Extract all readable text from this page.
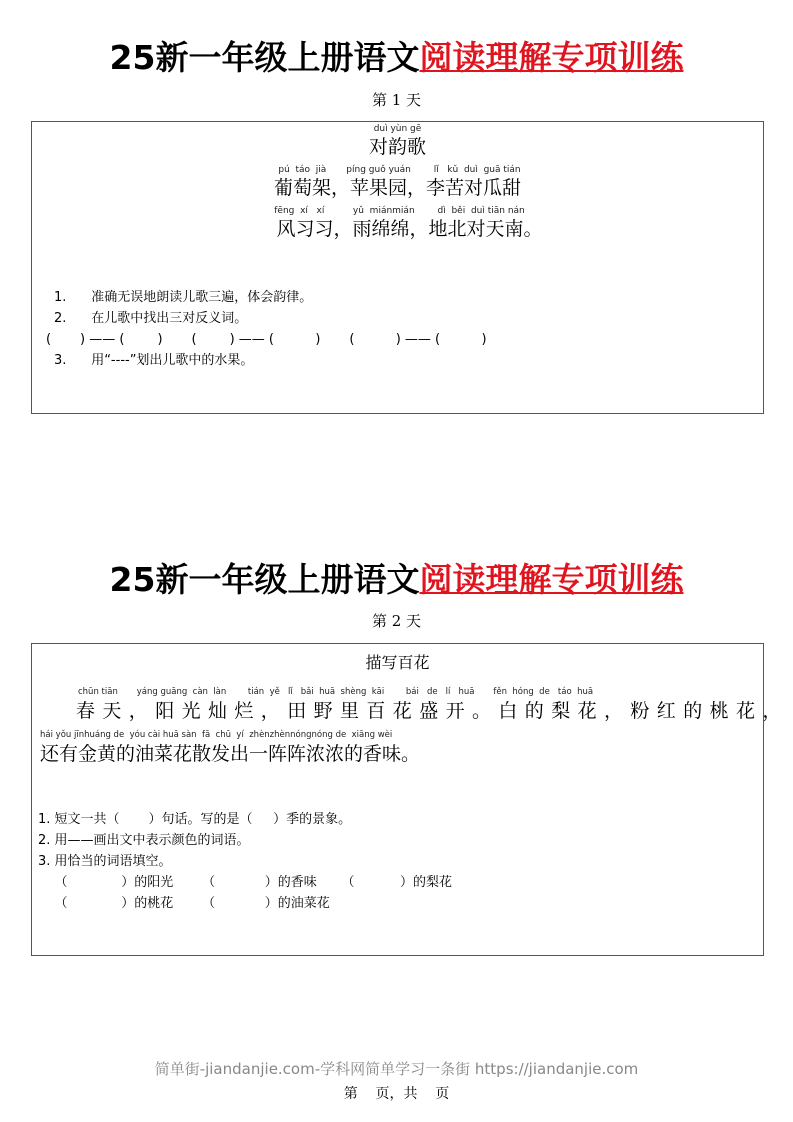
25新一年级上册语文阅读理解专项训练
第 1 天
duì yùn gē
对韵歌
pú  táo  jià       píng guǒ yuán        lǐ   kǔ  duì  guā tián
葡萄架，苹果园，李苦对瓜甜
fēng  xí   xí          yǔ  miánmián        dì  běi  duì tiān nán
风习习，雨绵绵，地北对天南。
1.      准确无误地朗读儿歌三遍，体会韵律。
2.      在儿歌中找出三对反义词。
(       ) —— (        )       (        ) —— (          )       (          ) —— (          )
3.      用“----”划出儿歌中的水果。
25新一年级上册语文阅读理解专项训练
第 2 天
描写百花
chūn tiān       yáng guāng  càn  làn        tián  yě   lǐ   bǎi  huā  shèng  kāi        bái   de   lí   huā       fěn  hóng  de   táo  huā
春天，阳光灿烂，田野里百花盛开。白的梨花，粉红的桃花，
hái yǒu jīnhuáng de  yóu cài huā sàn  fā  chū  yí  zhènzhènnóngnóng de  xiāng wèi
还有金黄的油菜花散发出一阵阵浓浓的香味。
1. 短文一共（       ）句话。写的是（     ）季的景象。
2. 用——画出文中表示颜色的词语。
3. 用恰当的词语填空。
（             ）的阳光       （            ）的香味      （           ）的梨花
（             ）的桃花       （            ）的油菜花
简单街-jiandanjie.com-学科网简单学习一条街 https://jiandanjie.com
第    页，共    页
